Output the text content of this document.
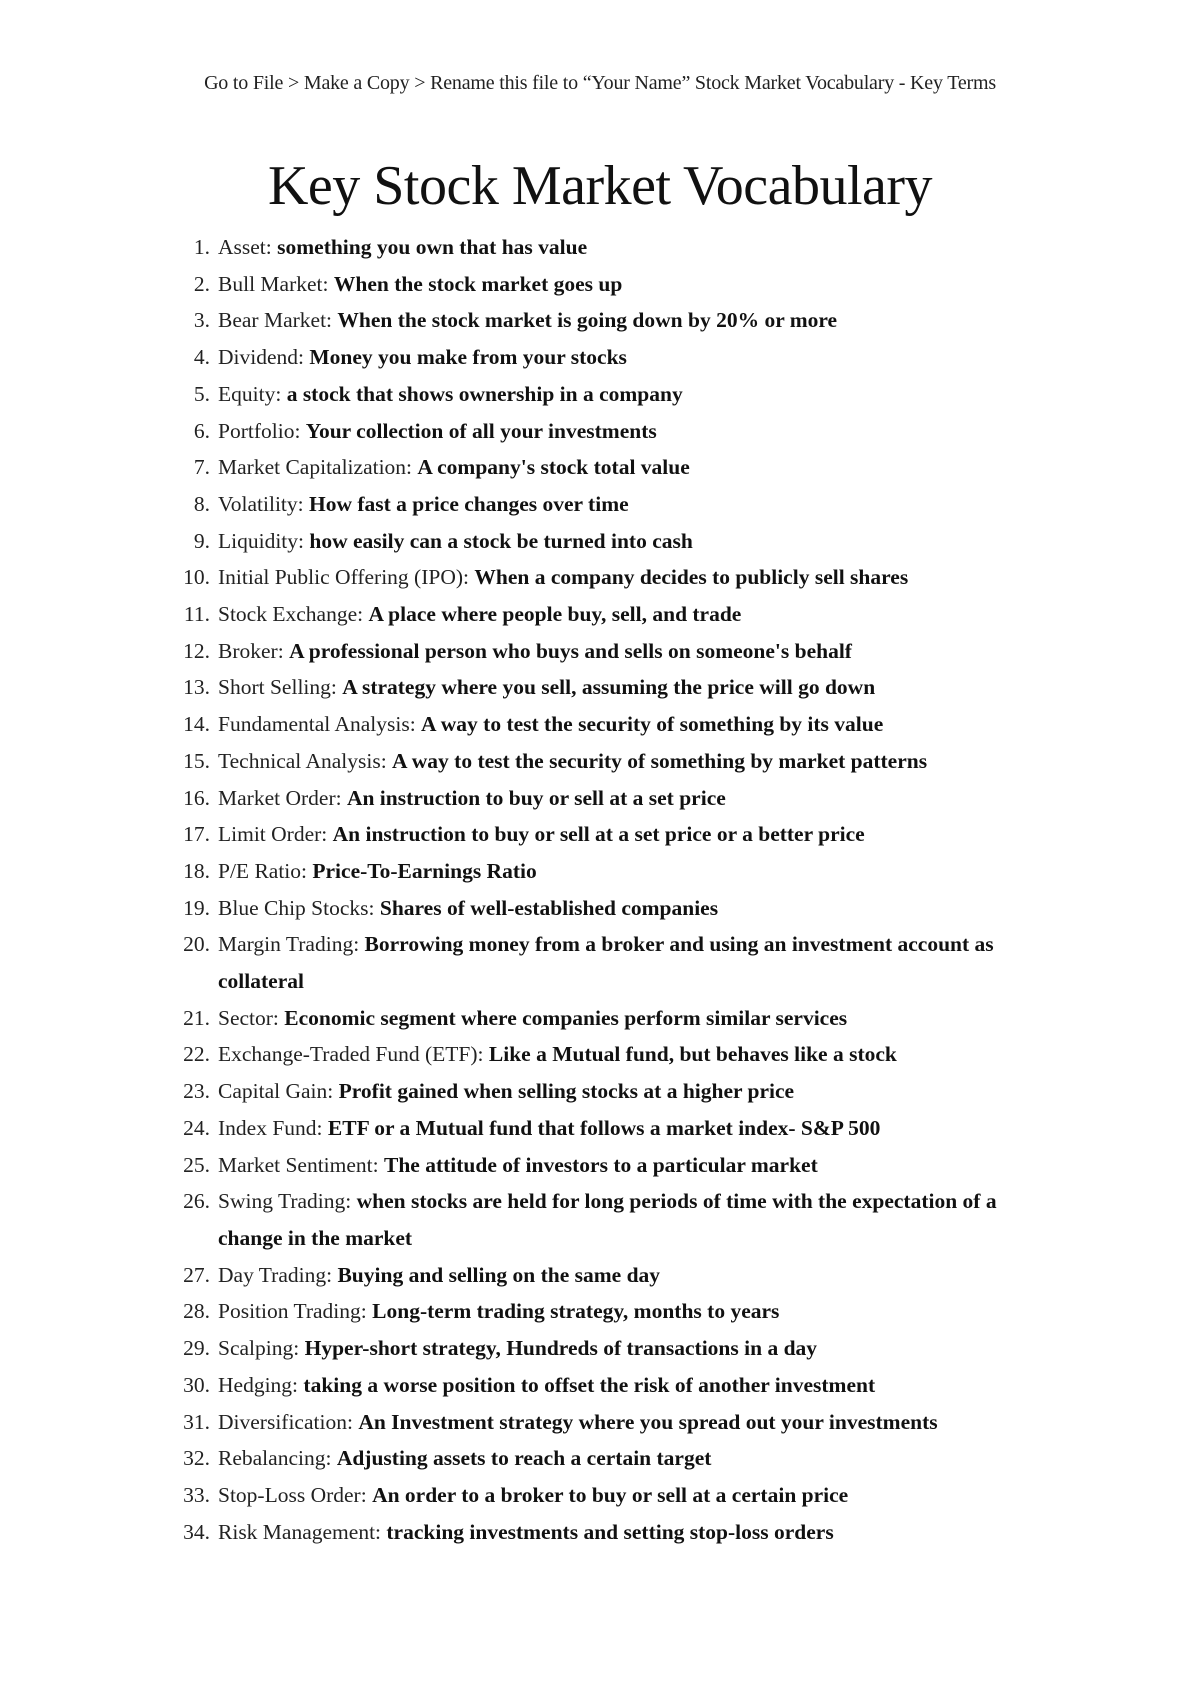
Go to File > Make a Copy > Rename this file to “Your Name” Stock Market Vocabulary - Key Terms
Key Stock Market Vocabulary
1. Asset: something you own that has value
2. Bull Market: When the stock market goes up
3. Bear Market: When the stock market is going down by 20% or more
4. Dividend: Money you make from your stocks
5. Equity: a stock that shows ownership in a company
6. Portfolio: Your collection of all your investments
7. Market Capitalization: A company's stock total value
8. Volatility: How fast a price changes over time
9. Liquidity: how easily can a stock be turned into cash
10. Initial Public Offering (IPO): When a company decides to publicly sell shares
11. Stock Exchange: A place where people buy, sell, and trade
12. Broker: A professional person who buys and sells on someone's behalf
13. Short Selling: A strategy where you sell, assuming the price will go down
14. Fundamental Analysis: A way to test the security of something by its value
15. Technical Analysis: A way to test the security of something by market patterns
16. Market Order: An instruction to buy or sell at a set price
17. Limit Order: An instruction to buy or sell at a set price or a better price
18. P/E Ratio: Price-To-Earnings Ratio
19. Blue Chip Stocks: Shares of well-established companies
20. Margin Trading: Borrowing money from a broker and using an investment account as collateral
21. Sector: Economic segment where companies perform similar services
22. Exchange-Traded Fund (ETF): Like a Mutual fund, but behaves like a stock
23. Capital Gain: Profit gained when selling stocks at a higher price
24. Index Fund: ETF or a Mutual fund that follows a market index- S&P 500
25. Market Sentiment: The attitude of investors to a particular market
26. Swing Trading: when stocks are held for long periods of time with the expectation of a change in the market
27. Day Trading: Buying and selling on the same day
28. Position Trading: Long-term trading strategy, months to years
29. Scalping: Hyper-short strategy, Hundreds of transactions in a day
30. Hedging: taking a worse position to offset the risk of another investment
31. Diversification: An Investment strategy where you spread out your investments
32. Rebalancing: Adjusting assets to reach a certain target
33. Stop-Loss Order: An order to a broker to buy or sell at a certain price
34. Risk Management: tracking investments and setting stop-loss orders
